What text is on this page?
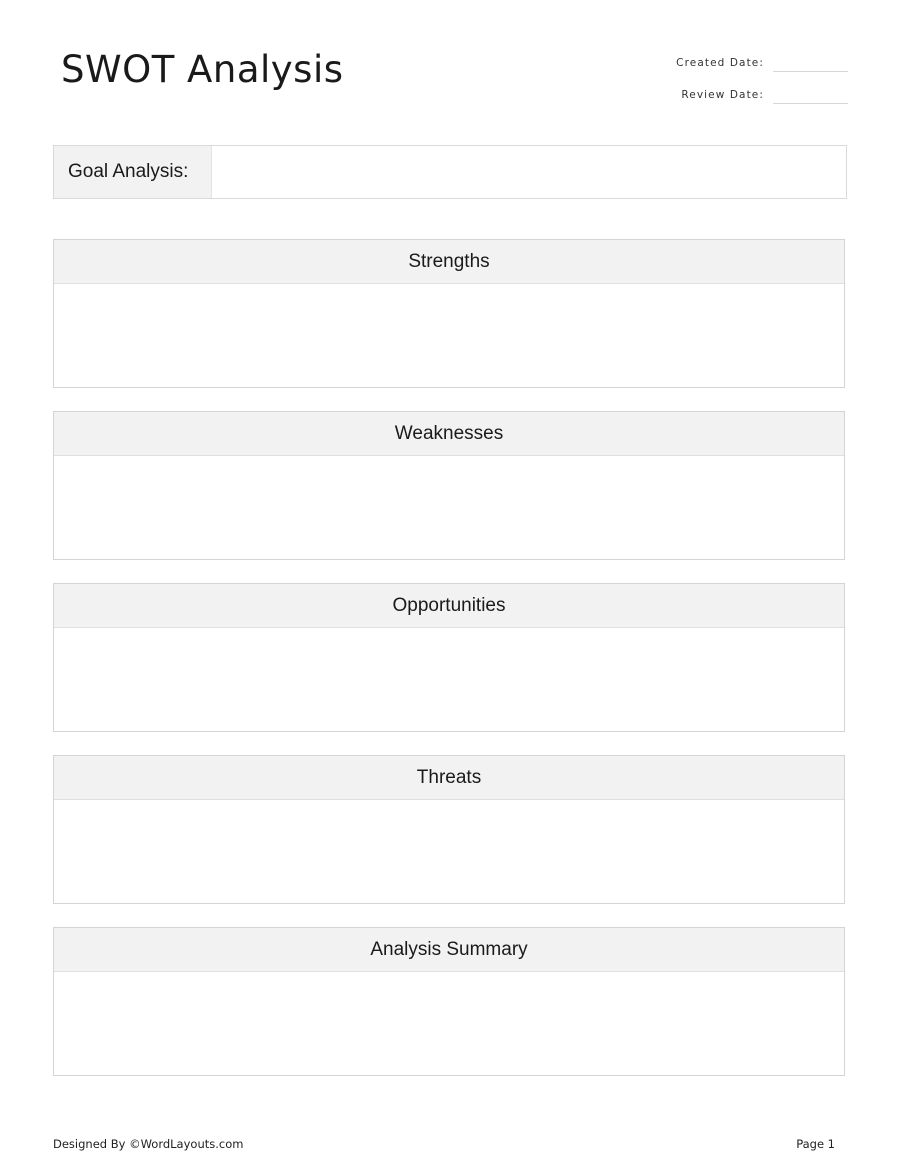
SWOT Analysis	Created Date:
Review Date:
Goal Analysis:
Strengths
Weaknesses
Opportunities
Threats
Analysis Summary
Designed By ©WordLayouts.com	Page 1
